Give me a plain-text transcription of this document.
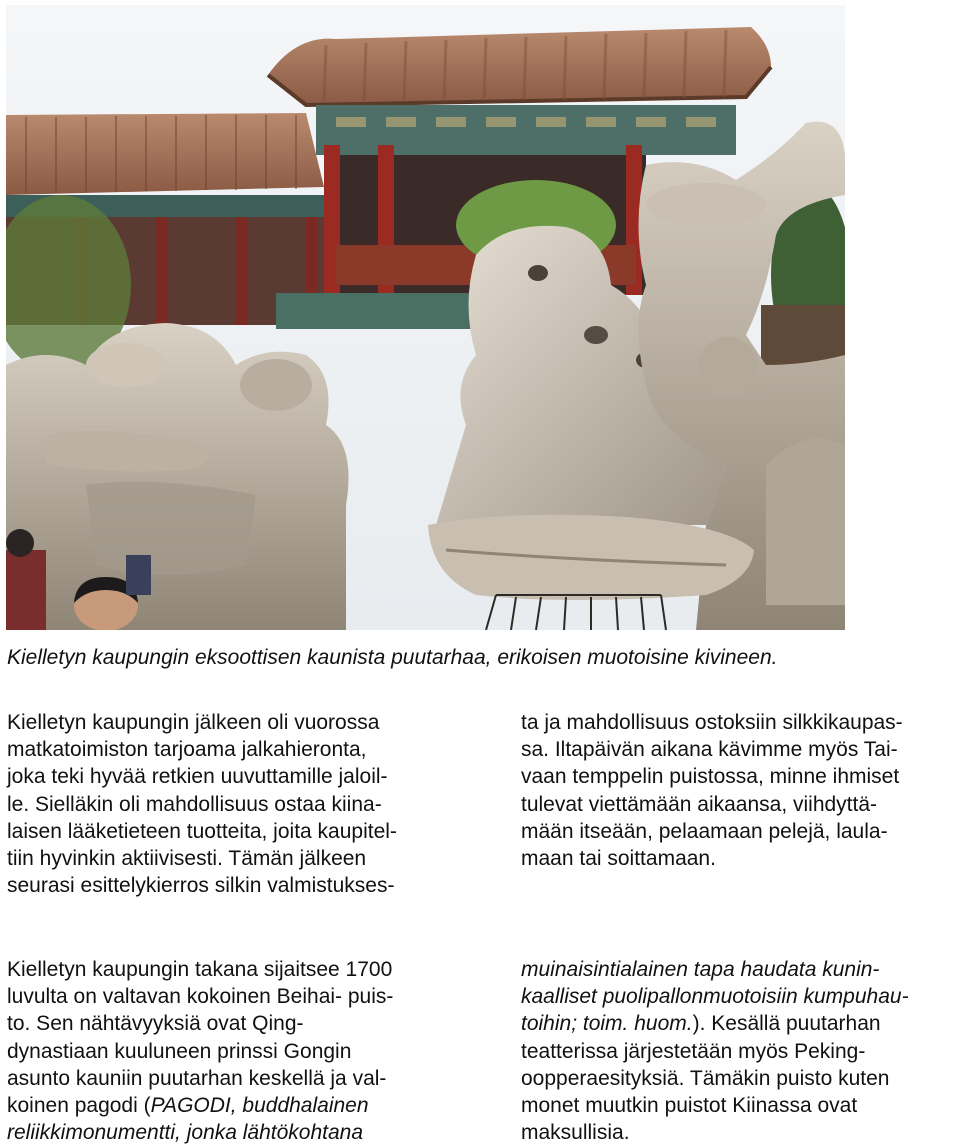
Kielletyn kaupungin eksoottisen kaunista puutarhaa, erikoisen muotoisine kivineen.
Kielletyn kaupungin jälkeen oli vuorossa
matkatoimiston tarjoama jalkahieronta,
joka teki hyvää retkien uuvuttamille jaloil-
le. Sielläkin oli mahdollisuus ostaa kiina-
laisen lääketieteen tuotteita, joita kaupitel-
tiin hyvinkin aktiivisesti. Tämän jälkeen
seurasi esittelykierros silkin valmistukses-
ta ja mahdollisuus ostoksiin silkkikaupas-
sa. Iltapäivän aikana kävimme myös Tai-
vaan temppelin puistossa, minne ihmiset
tulevat viettämään aikaansa, viihdyttä-
mään itseään, pelaamaan pelejä, laula-
maan tai soittamaan.
Kielletyn kaupungin takana sijaitsee 1700
luvulta on valtavan kokoinen Beihai- puis-
to. Sen nähtävyyksiä ovat Qing-
dynastiaan kuuluneen prinssi Gongin
asunto kauniin puutarhan keskellä ja val-
koinen pagodi (PAGODI, buddhalainen
reliikkimonumentti, jonka lähtökohtana
muinaisintialainen tapa haudata kunin-
kaalliset puolipallonmuotoisiin kumpuhau-
toihin; toim. huom.). Kesällä puutarhan
teatterissa järjestetään myös Peking-
oopperaesityksiä. Tämäkin puisto kuten
monet muutkin puistot Kiinassa ovat
maksullisia.
